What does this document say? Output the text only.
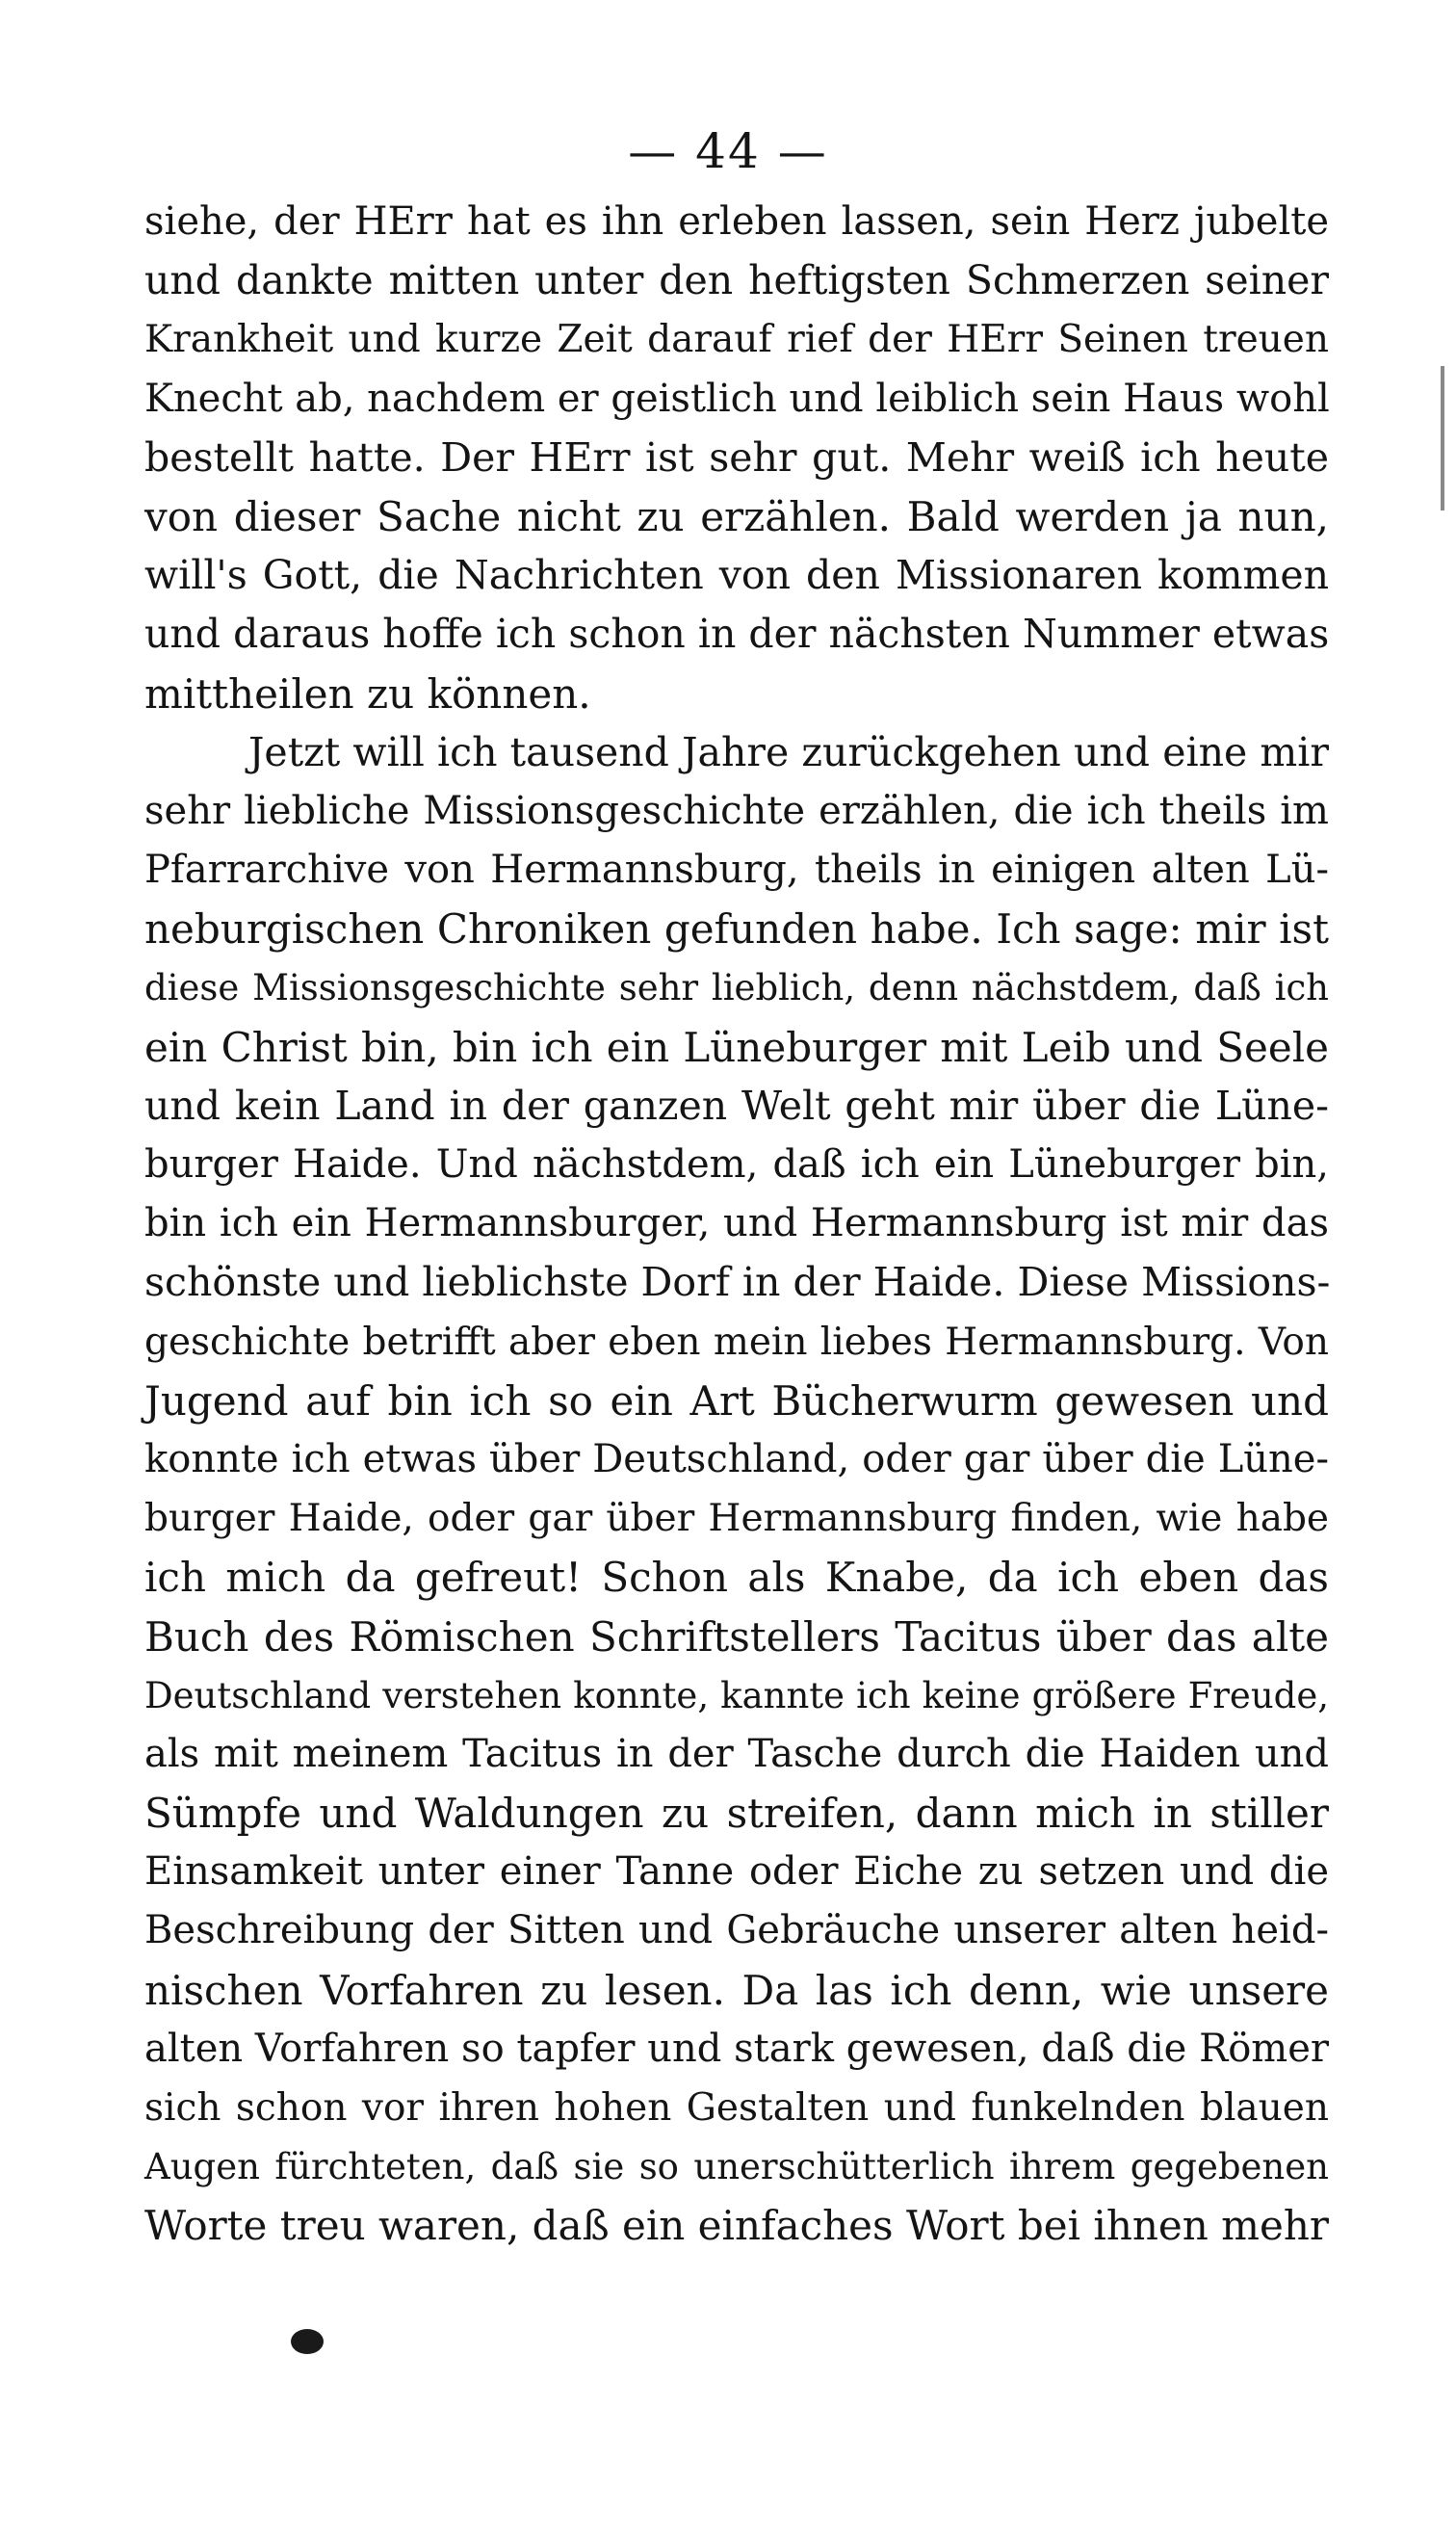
— 44 —
siehe, der HErr hat es ihn erleben lassen, sein Herz jubelte
und dankte mitten unter den heftigsten Schmerzen seiner
Krankheit und kurze Zeit darauf rief der HErr Seinen treuen
Knecht ab, nachdem er geistlich und leiblich sein Haus wohl
bestellt hatte. Der HErr ist sehr gut. Mehr weiß ich heute
von dieser Sache nicht zu erzählen. Bald werden ja nun,
will's Gott, die Nachrichten von den Missionaren kommen
und daraus hoffe ich schon in der nächsten Nummer etwas
mittheilen zu können.
Jetzt will ich tausend Jahre zurückgehen und eine mir
sehr liebliche Missionsgeschichte erzählen, die ich theils im
Pfarrarchive von Hermannsburg, theils in einigen alten Lü-
neburgischen Chroniken gefunden habe. Ich sage: mir ist
diese Missionsgeschichte sehr lieblich, denn nächstdem, daß ich
ein Christ bin, bin ich ein Lüneburger mit Leib und Seele
und kein Land in der ganzen Welt geht mir über die Lüne-
burger Haide. Und nächstdem, daß ich ein Lüneburger bin,
bin ich ein Hermannsburger, und Hermannsburg ist mir das
schönste und lieblichste Dorf in der Haide. Diese Missions-
geschichte betrifft aber eben mein liebes Hermannsburg. Von
Jugend auf bin ich so ein Art Bücherwurm gewesen und
konnte ich etwas über Deutschland, oder gar über die Lüne-
burger Haide, oder gar über Hermannsburg finden, wie habe
ich mich da gefreut! Schon als Knabe, da ich eben das
Buch des Römischen Schriftstellers Tacitus über das alte
Deutschland verstehen konnte, kannte ich keine größere Freude,
als mit meinem Tacitus in der Tasche durch die Haiden und
Sümpfe und Waldungen zu streifen, dann mich in stiller
Einsamkeit unter einer Tanne oder Eiche zu setzen und die
Beschreibung der Sitten und Gebräuche unserer alten heid-
nischen Vorfahren zu lesen. Da las ich denn, wie unsere
alten Vorfahren so tapfer und stark gewesen, daß die Römer
sich schon vor ihren hohen Gestalten und funkelnden blauen
Augen fürchteten, daß sie so unerschütterlich ihrem gegebenen
Worte treu waren, daß ein einfaches Wort bei ihnen mehr
